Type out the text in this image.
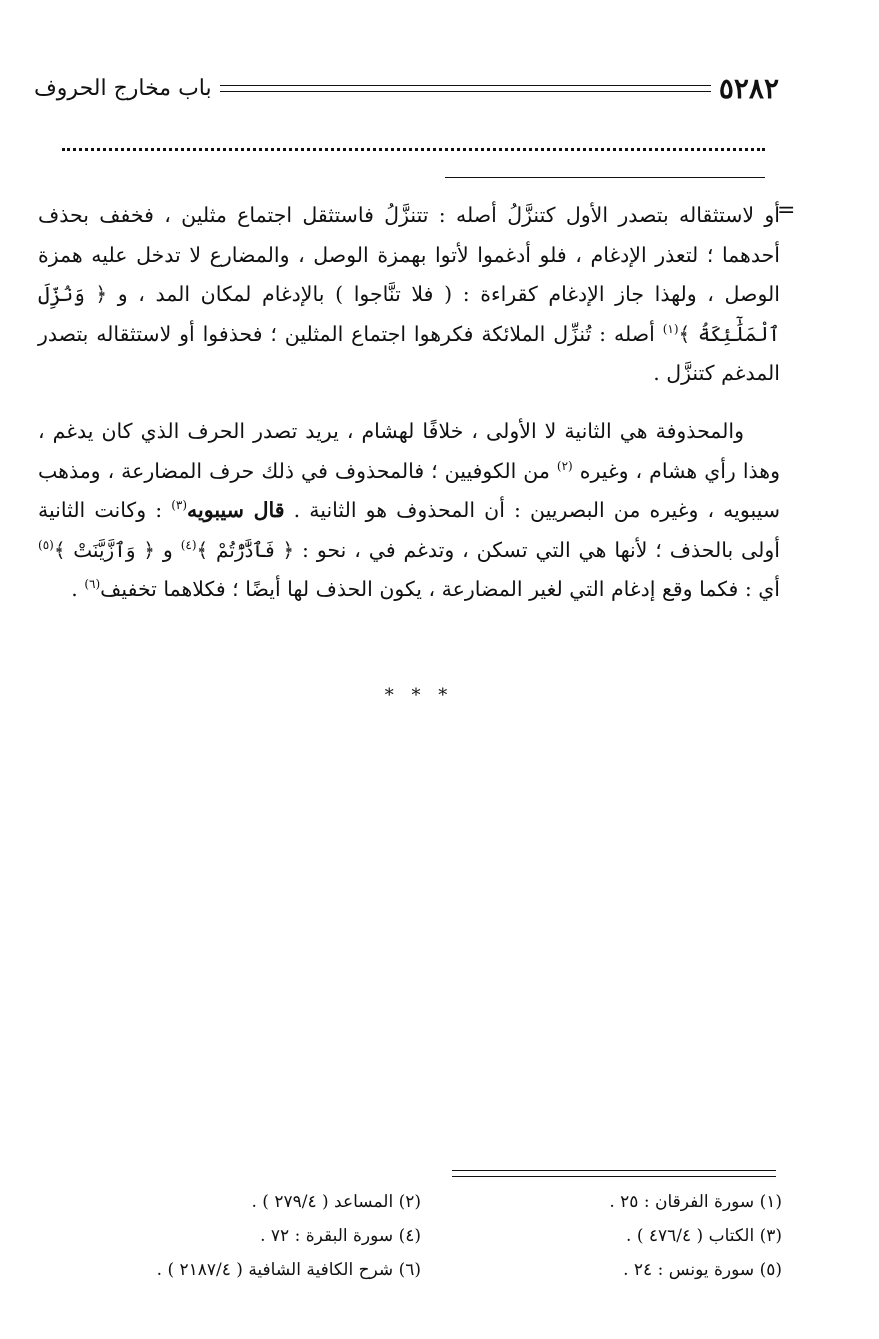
٥٢٨٢
باب مخارج الحروف
=
أو لاستثقاله بتصدر الأول كتنزَّلُ أصله : تتنزَّلُ فاستثقل اجتماع مثلين ، فخفف بحذف أحدهما ؛ لتعذر الإدغام ، فلو أدغموا لأتوا بهمزة الوصل ، والمضارع لا تدخل عليه همزة الوصل ، ولهذا جاز الإدغام كقراءة : ( فلا تنَّاجوا ) بالإدغام لمكان المد ، و ﴿ وَنُزِّلَ ٱلْمَلَٰٓئِكَةُ ﴾$^{(١)}$ أصله : تُنزِّل الملائكة فكرهوا اجتماع المثلين ؛ فحذفوا أو لاستثقاله بتصدر المدغم كتنزَّل .
والمحذوفة هي الثانية لا الأولى ، خلافًا لهشام ، يريد تصدر الحرف الذي كان يدغم ، وهذا رأي هشام ، وغيره $^{(٢)}$ من الكوفيين ؛ فالمحذوف في ذلك حرف المضارعة ، ومذهب سيبويه ، وغيره من البصريين : أن المحذوف هو الثانية . قال سيبويه$^{(٣)}$ : وكانت الثانية أولى بالحذف ؛ لأنها هي التي تسكن ، وتدغم في ، نحو : ﴿ فَٱدَّٰرَْٰتُمْ ﴾$^{(٤)}$ و ﴿ وَٱزَّيَّنَتْ ﴾$^{(٥)}$ أي : فكما وقع إدغام التي لغير المضارعة ، يكون الحذف لها أيضًا ؛ فكلاهما تخفيف$^{(٦)}$ .
* * *
(١) سورة الفرقان : ٢٥ .
(٢) المساعد ( ٢٧٩/٤ ) .
(٣) الكتاب ( ٤٧٦/٤ ) .
(٤) سورة البقرة : ٧٢ .
(٥) سورة يونس : ٢٤ .
(٦) شرح الكافية الشافية ( ٢١٨٧/٤ ) .
